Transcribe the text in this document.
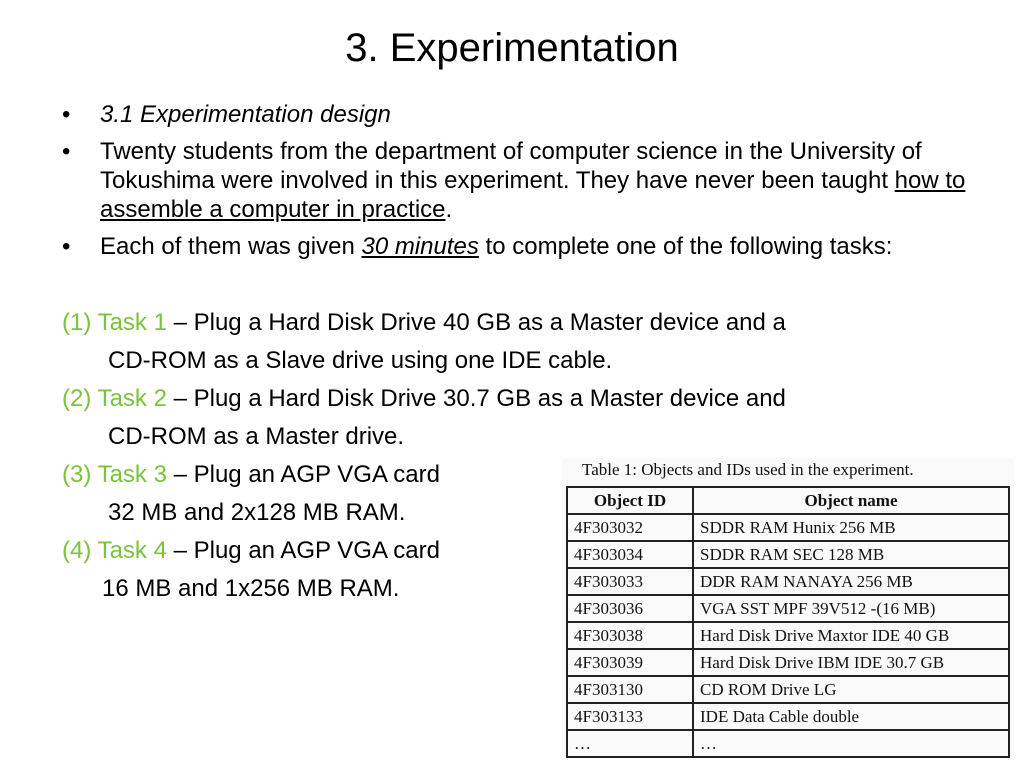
3. Experimentation
• 3.1 Experimentation design
• Twenty students from the department of computer science in the University of Tokushima were involved in this experiment. They have never been taught how to assemble a computer in practice.
• Each of them was given 30 minutes to complete one of the following tasks:
(1) Task 1 – Plug a Hard Disk Drive 40 GB as a Master device and a
CD-ROM as a Slave drive using one IDE cable.
(2) Task 2 – Plug a Hard Disk Drive 30.7 GB as a Master device and
CD-ROM as a Master drive.
(3) Task 3 – Plug an AGP VGA card
32 MB and 2x128 MB RAM.
(4) Task 4 – Plug an AGP VGA card
16 MB and 1x256 MB RAM.
Table 1: Objects and IDs used in the experiment.
Object ID	Object name
4F303032	SDDR RAM Hunix 256 MB
4F303034	SDDR RAM SEC 128 MB
4F303033	DDR RAM NANAYA 256 MB
4F303036	VGA SST MPF 39V512 -(16 MB)
4F303038	Hard Disk Drive Maxtor IDE 40 GB
4F303039	Hard Disk Drive IBM IDE 30.7 GB
4F303130	CD ROM Drive LG
4F303133	IDE Data Cable double
…	…
